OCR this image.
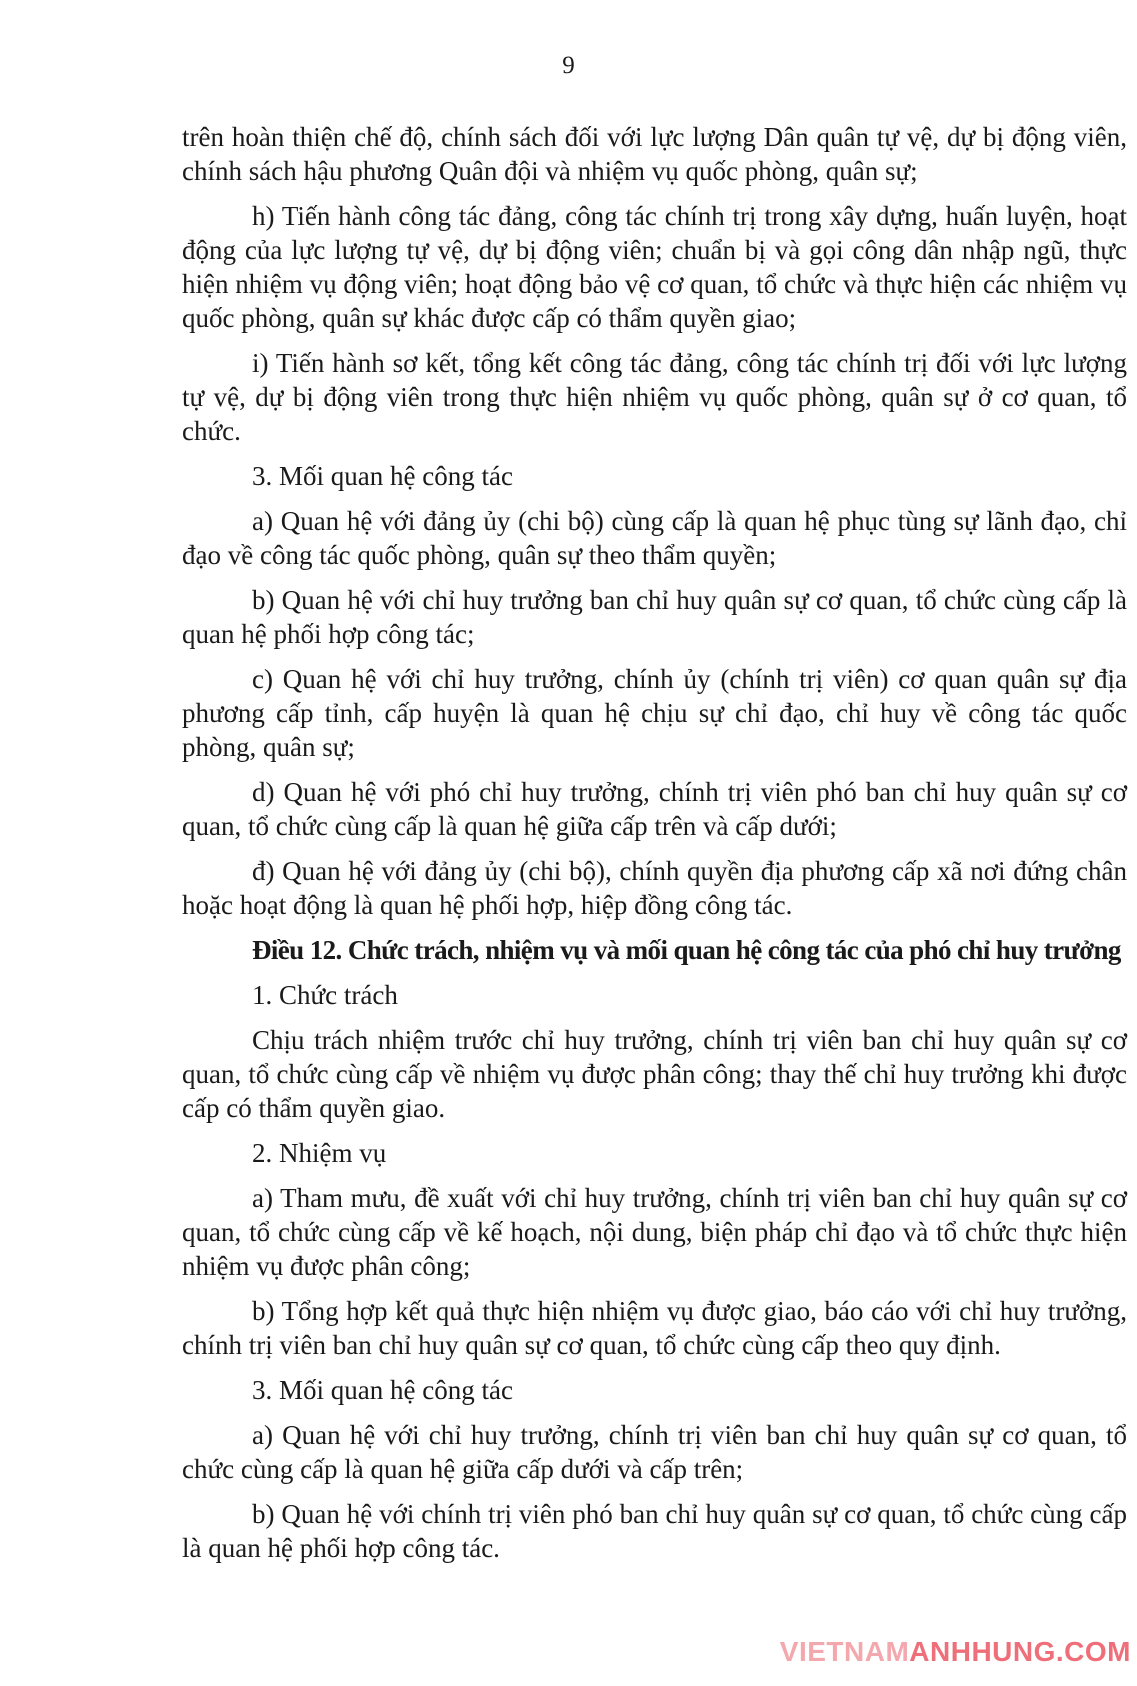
9

trên hoàn thiện chế độ, chính sách đối với lực lượng Dân quân tự vệ, dự bị động viên, chính sách hậu phương Quân đội và nhiệm vụ quốc phòng, quân sự;

h) Tiến hành công tác đảng, công tác chính trị trong xây dựng, huấn luyện, hoạt động của lực lượng tự vệ, dự bị động viên; chuẩn bị và gọi công dân nhập ngũ, thực hiện nhiệm vụ động viên; hoạt động bảo vệ cơ quan, tổ chức và thực hiện các nhiệm vụ quốc phòng, quân sự khác được cấp có thẩm quyền giao;

i) Tiến hành sơ kết, tổng kết công tác đảng, công tác chính trị đối với lực lượng tự vệ, dự bị động viên trong thực hiện nhiệm vụ quốc phòng, quân sự ở cơ quan, tổ chức.

3. Mối quan hệ công tác

a) Quan hệ với đảng ủy (chi bộ) cùng cấp là quan hệ phục tùng sự lãnh đạo, chỉ đạo về công tác quốc phòng, quân sự theo thẩm quyền;

b) Quan hệ với chỉ huy trưởng ban chỉ huy quân sự cơ quan, tổ chức cùng cấp là quan hệ phối hợp công tác;

c) Quan hệ với chỉ huy trưởng, chính ủy (chính trị viên) cơ quan quân sự địa phương cấp tỉnh, cấp huyện là quan hệ chịu sự chỉ đạo, chỉ huy về công tác quốc phòng, quân sự;

d) Quan hệ với phó chỉ huy trưởng, chính trị viên phó ban chỉ huy quân sự cơ quan, tổ chức cùng cấp là quan hệ giữa cấp trên và cấp dưới;

đ) Quan hệ với đảng ủy (chi bộ), chính quyền địa phương cấp xã nơi đứng chân hoặc hoạt động là quan hệ phối hợp, hiệp đồng công tác.

Điều 12. Chức trách, nhiệm vụ và mối quan hệ công tác của phó chỉ huy trưởng

1. Chức trách

Chịu trách nhiệm trước chỉ huy trưởng, chính trị viên ban chỉ huy quân sự cơ quan, tổ chức cùng cấp về nhiệm vụ được phân công; thay thế chỉ huy trưởng khi được cấp có thẩm quyền giao.

2. Nhiệm vụ

a) Tham mưu, đề xuất với chỉ huy trưởng, chính trị viên ban chỉ huy quân sự cơ quan, tổ chức cùng cấp về kế hoạch, nội dung, biện pháp chỉ đạo và tổ chức thực hiện nhiệm vụ được phân công;

b) Tổng hợp kết quả thực hiện nhiệm vụ được giao, báo cáo với chỉ huy trưởng, chính trị viên ban chỉ huy quân sự cơ quan, tổ chức cùng cấp theo quy định.

3. Mối quan hệ công tác

a) Quan hệ với chỉ huy trưởng, chính trị viên ban chỉ huy quân sự cơ quan, tổ chức cùng cấp là quan hệ giữa cấp dưới và cấp trên;

b) Quan hệ với chính trị viên phó ban chỉ huy quân sự cơ quan, tổ chức cùng cấp là quan hệ phối hợp công tác.

VIETNAMANHHUNG.COM
